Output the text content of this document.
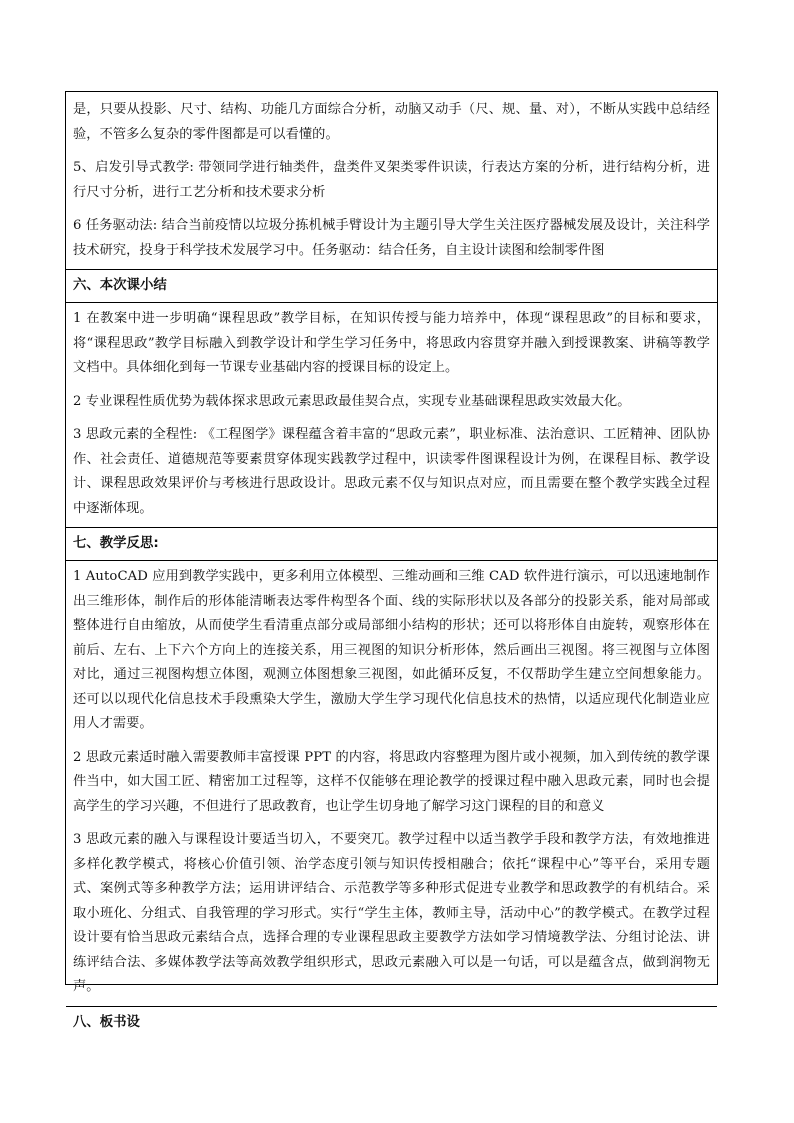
是，只要从投影、尺寸、结构、功能几方面综合分析，动脑又动手（尺、规、量、对），不断从实践中总结经验，不管多么复杂的零件图都是可以看懂的。

5、启发引导式教学: 带领同学进行轴类件，盘类件叉架类零件识读，行表达方案的分析，进行结构分析，进行尺寸分析，进行工艺分析和技术要求分析

6 任务驱动法: 结合当前疫情以垃圾分拣机械手臂设计为主题引导大学生关注医疗器械发展及设计，关注科学技术研究，投身于科学技术发展学习中。任务驱动：结合任务，自主设计读图和绘制零件图

六、本次课小结

1 在教案中进一步明确“课程思政”教学目标，在知识传授与能力培养中，体现“课程思政”的目标和要求，将“课程思政”教学目标融入到教学设计和学生学习任务中，将思政内容贯穿并融入到授课教案、讲稿等教学文档中。具体细化到每一节课专业基础内容的授课目标的设定上。

2 专业课程性质优势为载体探求思政元素思政最佳契合点，实现专业基础课程思政实效最大化。

3 思政元素的全程性: 《工程图学》课程蕴含着丰富的“思政元素”，职业标准、法治意识、工匠精神、团队协作、社会责任、道德规范等要素贯穿体现实践教学过程中，识读零件图课程设计为例，在课程目标、教学设计、课程思政效果评价与考核进行思政设计。思政元素不仅与知识点对应，而且需要在整个教学实践全过程中逐渐体现。

七、教学反思:

1 AutoCAD 应用到教学实践中，更多利用立体模型、三维动画和三维 CAD 软件进行演示，可以迅速地制作出三维形体，制作后的形体能清晰表达零件构型各个面、线的实际形状以及各部分的投影关系，能对局部或整体进行自由缩放，从而使学生看清重点部分或局部细小结构的形状；还可以将形体自由旋转，观察形体在前后、左右、上下六个方向上的连接关系，用三视图的知识分析形体，然后画出三视图。将三视图与立体图对比，通过三视图构想立体图，观测立体图想象三视图，如此循环反复，不仅帮助学生建立空间想象能力。还可以以现代化信息技术手段熏染大学生，激励大学生学习现代化信息技术的热情，以适应现代化制造业应用人才需要。

2 思政元素适时融入需要教师丰富授课 PPT 的内容，将思政内容整理为图片或小视频，加入到传统的教学课件当中，如大国工匠、精密加工过程等，这样不仅能够在理论教学的授课过程中融入思政元素，同时也会提高学生的学习兴趣，不但进行了思政教育，也让学生切身地了解学习这门课程的目的和意义

3 思政元素的融入与课程设计要适当切入，不要突兀。教学过程中以适当教学手段和教学方法，有效地推进多样化教学模式，将核心价值引领、治学态度引领与知识传授相融合；依托“课程中心”等平台，采用专题式、案例式等多种教学方法；运用讲评结合、示范教学等多种形式促进专业教学和思政教学的有机结合。采取小班化、分组式、自我管理的学习形式。实行“学生主体，教师主导，活动中心”的教学模式。在教学过程设计要有恰当思政元素结合点，选择合理的专业课程思政主要教学方法如学习情境教学法、分组讨论法、讲练评结合法、多媒体教学法等高效教学组织形式，思政元素融入可以是一句话，可以是蕴含点，做到润物无声。

八、板书设
